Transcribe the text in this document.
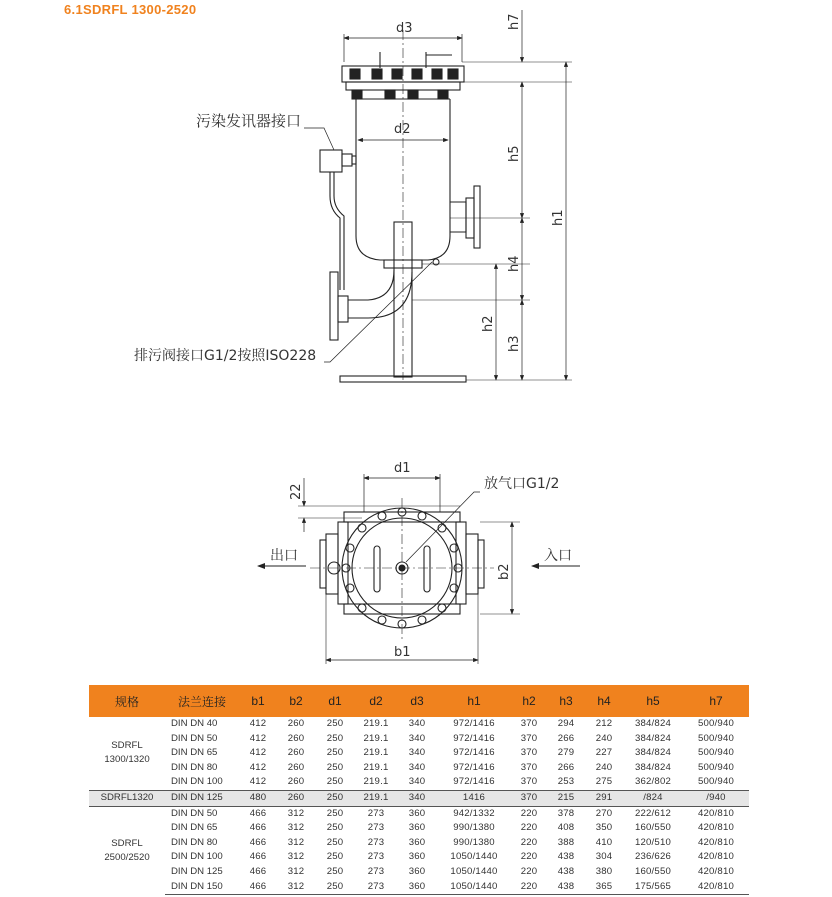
6.1SDRFL 1300-2520
d3
d2
污染发讯器接口
排污阀接口G1/2按照ISO228
h7
h5
h4
h3
h2
h1
d1
22	放气口G1/2
出口	入口
b2
b1
规格	法兰连接	b1	b2	d1	d2	d3	h1	h2	h3	h4	h5	h7
SDRFL
1300/1320	DIN DN 40	412	260	250	219.1	340	972/1416	370	294	212	384/824	500/940
	DIN DN 50	412	260	250	219.1	340	972/1416	370	266	240	384/824	500/940
	DIN DN 65	412	260	250	219.1	340	972/1416	370	279	227	384/824	500/940
	DIN DN 80	412	260	250	219.1	340	972/1416	370	266	240	384/824	500/940
	DIN DN 100	412	260	250	219.1	340	972/1416	370	253	275	362/802	500/940
SDRFL1320	DIN DN 125	480	260	250	219.1	340	1416	370	215	291	/824	/940
SDRFL
2500/2520	DIN DN 50	466	312	250	273	360	942/1332	220	378	270	222/612	420/810
	DIN DN 65	466	312	250	273	360	990/1380	220	408	350	160/550	420/810
	DIN DN 80	466	312	250	273	360	990/1380	220	388	410	120/510	420/810
	DIN DN 100	466	312	250	273	360	1050/1440	220	438	304	236/626	420/810
	DIN DN 125	466	312	250	273	360	1050/1440	220	438	380	160/550	420/810
	DIN DN 150	466	312	250	273	360	1050/1440	220	438	365	175/565	420/810
